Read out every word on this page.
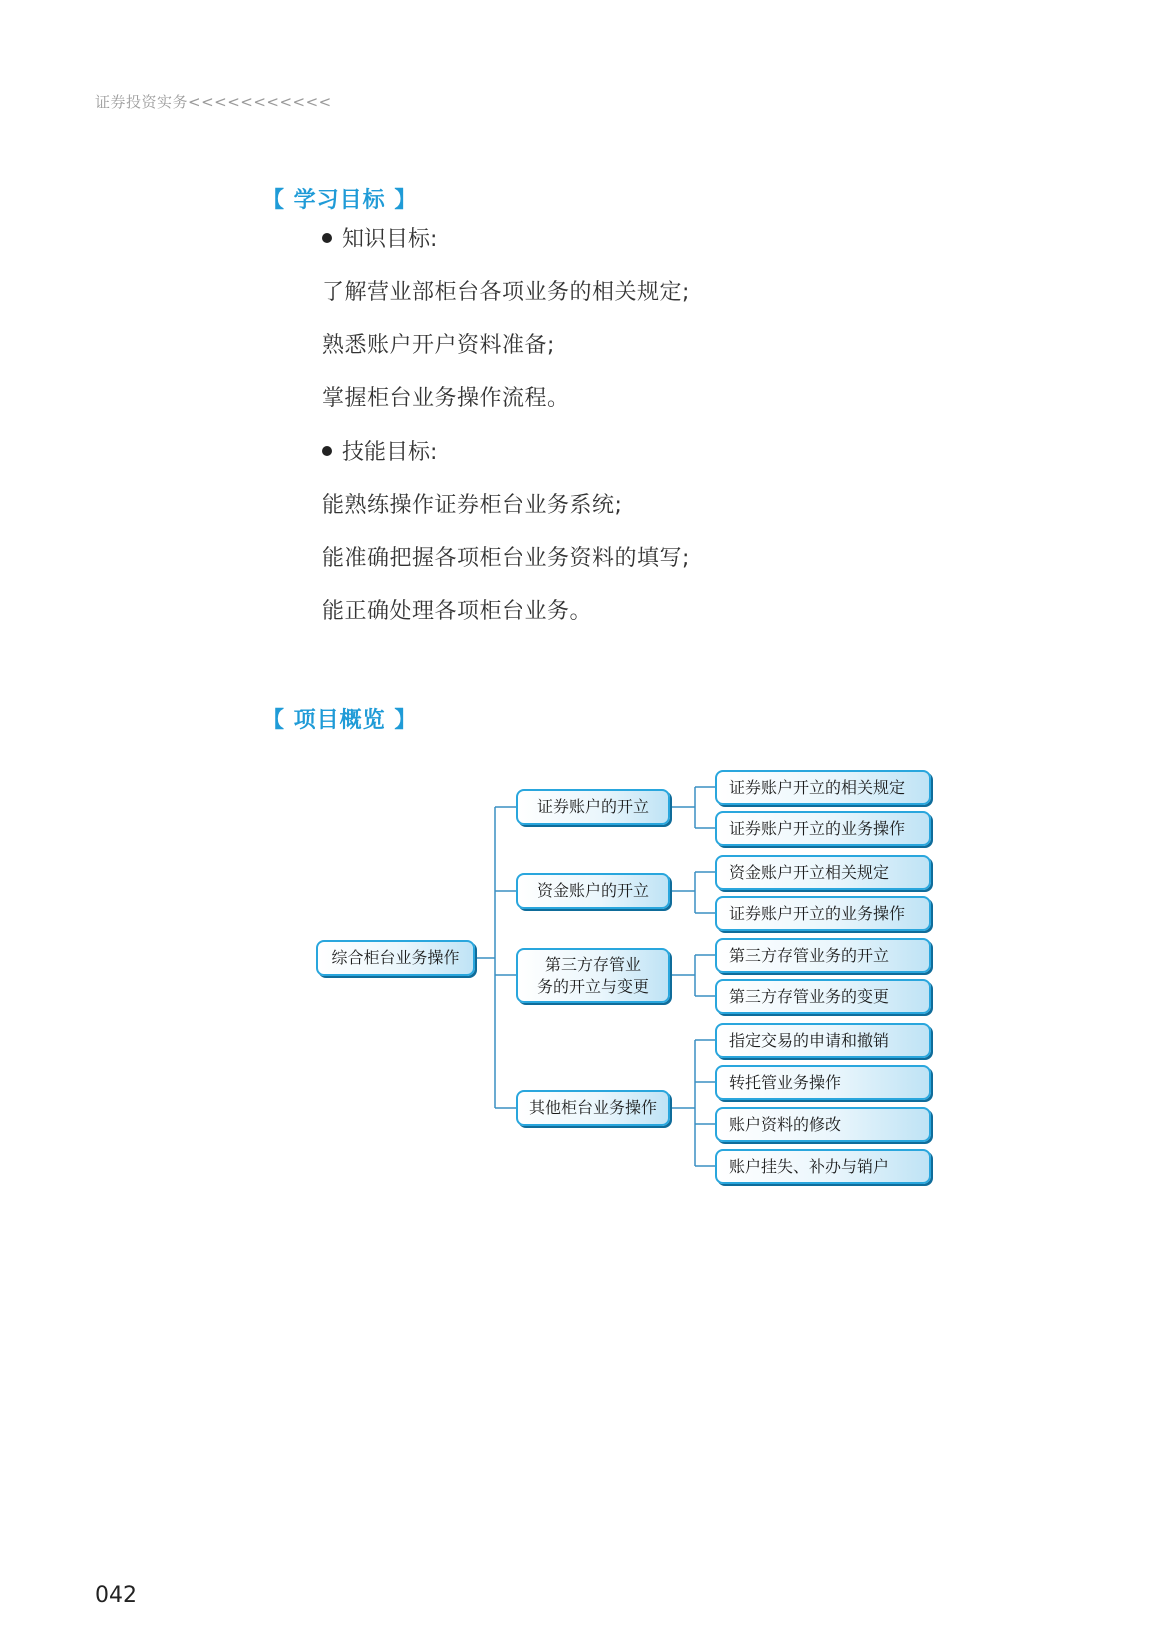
证券投资实务<<<<<<<<<<<
【 学习目标 】
知识目标:
了解营业部柜台各项业务的相关规定;
熟悉账户开户资料准备;
掌握柜台业务操作流程。
技能目标:
能熟练操作证券柜台业务系统;
能准确把握各项柜台业务资料的填写;
能正确处理各项柜台业务。
【 项目概览 】
综合柜台业务操作
证券账户的开立
资金账户的开立
第三方存管业
务的开立与变更
其他柜台业务操作
证券账户开立的相关规定
证券账户开立的业务操作
资金账户开立相关规定
证券账户开立的业务操作
第三方存管业务的开立
第三方存管业务的变更
指定交易的申请和撤销
转托管业务操作
账户资料的修改
账户挂失、补办与销户
042
